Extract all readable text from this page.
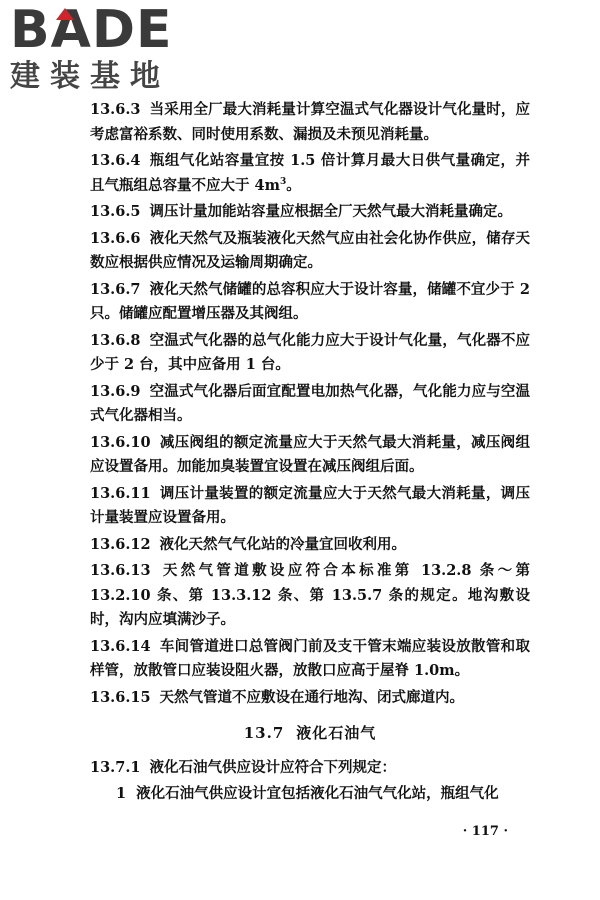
BADE
建装基地

13.6.3 当采用全厂最大消耗量计算空温式气化器设计气化量时，应考虑富裕系数、同时使用系数、漏损及未预见消耗量。

13.6.4 瓶组气化站容量宜按 1.5 倍计算月最大日供气量确定，并且气瓶组总容量不应大于 $4m^3$。

13.6.5 调压计量加能站容量应根据全厂天然气最大消耗量确定。

13.6.6 液化天然气及瓶装液化天然气应由社会化协作供应，储存天数应根据供应情况及运输周期确定。

13.6.7 液化天然气储罐的总容积应大于设计容量，储罐不宜少于 2 只。储罐应配置增压器及其阀组。

13.6.8 空温式气化器的总气化能力应大于设计气化量，气化器不应少于 2 台，其中应备用 1 台。

13.6.9 空温式气化器后面宜配置电加热气化器，气化能力应与空温式气化器相当。

13.6.10 减压阀组的额定流量应大于天然气最大消耗量，减压阀组应设置备用。加能加臭装置宜设置在减压阀组后面。

13.6.11 调压计量装置的额定流量应大于天然气最大消耗量，调压计量装置应设置备用。

13.6.12 液化天然气气化站的冷量宜回收利用。

13.6.13 天然气管道敷设应符合本标准第 13.2.8 条～第 13.2.10 条、第 13.3.12 条、第 13.5.7 条的规定。地沟敷设时，沟内应填满沙子。

13.6.14 车间管道进口总管阀门前及支干管末端应装设放散管和取样管，放散管口应装设阻火器，放散口应高于屋脊 1.0m。

13.6.15 天然气管道不应敷设在通行地沟、闭式廊道内。

13.7 液化石油气

13.7.1 液化石油气供应设计应符合下列规定：

1 液化石油气供应设计宜包括液化石油气气化站，瓶组气化

· 117 ·
